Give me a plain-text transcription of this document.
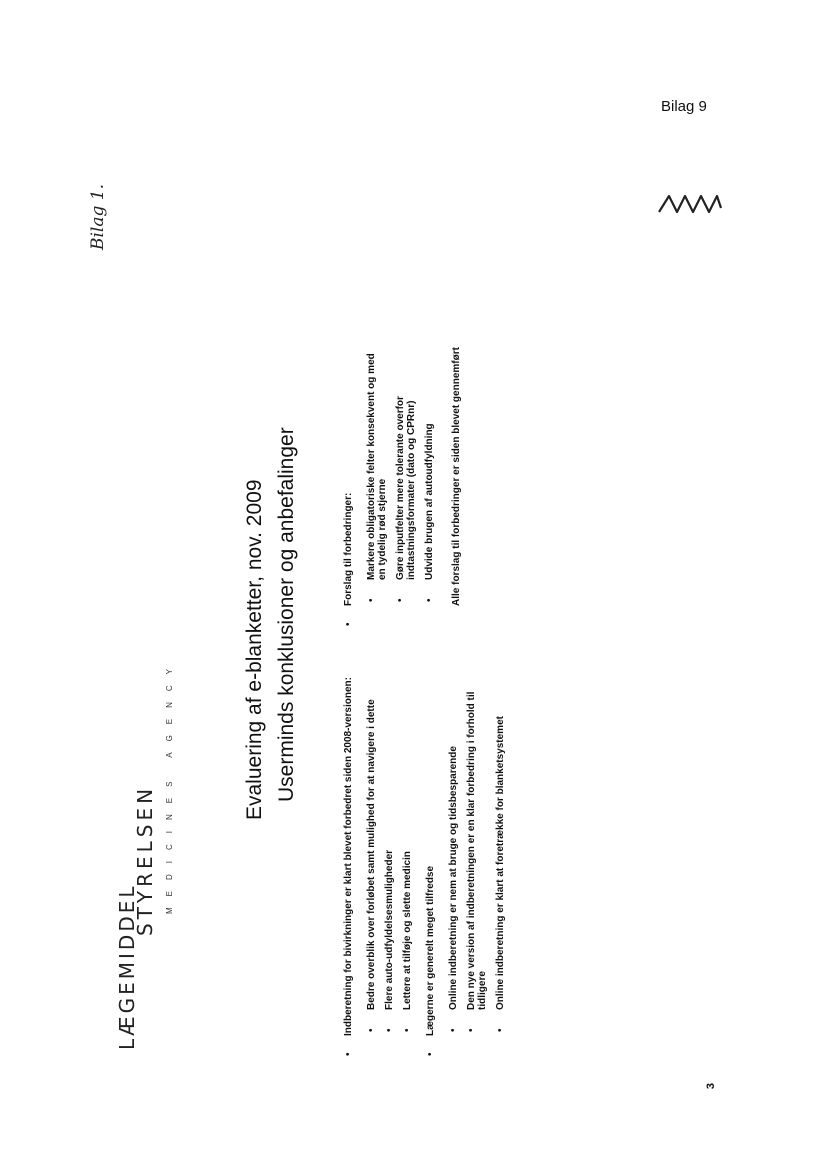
Bilag 9
Bilag 1.
LÆGEMIDDEL
STYRELSEN MEDICINES AGENCY	Evaluering af e-blanketter, nov. 2009 Userminds konklusioner og anbefalinger
•
Indberetning for bivirkninger er klart blevet forbedret siden 2008-versionen: •
Bedre overblik over forløbet samt mulighed for at navigere i dette
•
Flere auto-udfyldelsesmuligheder
•
Lettere at tilføje og slette medicin
•
Lægerne er generelt meget tilfredse •
Online indberetning er nem at bruge og tidsbesparende
•
Den nye version af indberetningen er en klar forbedring i forhold til tidligere
•
Online indberetning er klart at foretrække for blanketsystemet
•
Forslag til forbedringer: •
Markere obligatoriske felter konsekvent og med en tydelig rød stjerne
•
Gøre inputfelter mere tolerante overfor indtastningsformater (dato og CPRnr)
•
Udvide brugen af autoudfyldning Alle forslag til forbedringer er siden blevet gennemført
3
